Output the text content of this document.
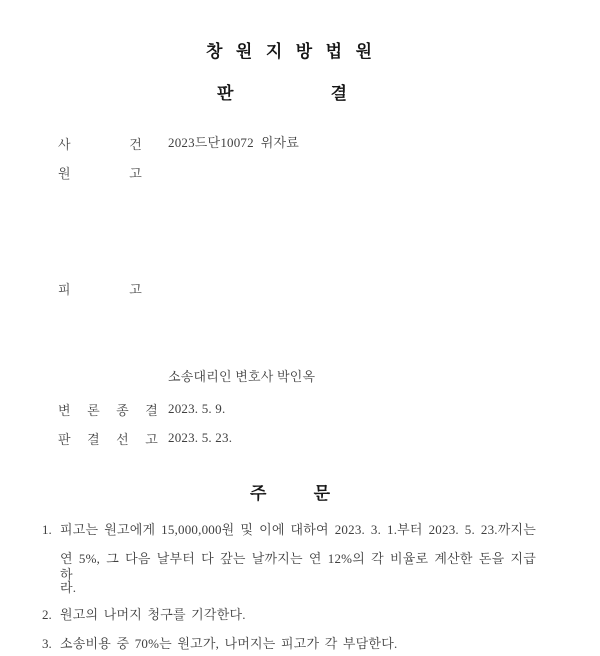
창 원 지 방 법 원
판 결
사 건 2023드단10072  위자료
원 고
피 고
소송대리인 변호사 박인옥
변 론 종 결 2023. 5. 9.
판 결 선 고 2023. 5. 23.
주 문
1. 피고는 원고에게 15,000,000원 및 이에 대하여 2023. 3. 1.부터 2023. 5. 23.까지는
연 5%, 그 다음 날부터 다 갚는 날까지는 연 12%의 각 비율로 계산한 돈을 지급하
라.
2. 원고의 나머지 청구를 기각한다.
3. 소송비용 중 70%는 원고가, 나머지는 피고가 각 부담한다.
